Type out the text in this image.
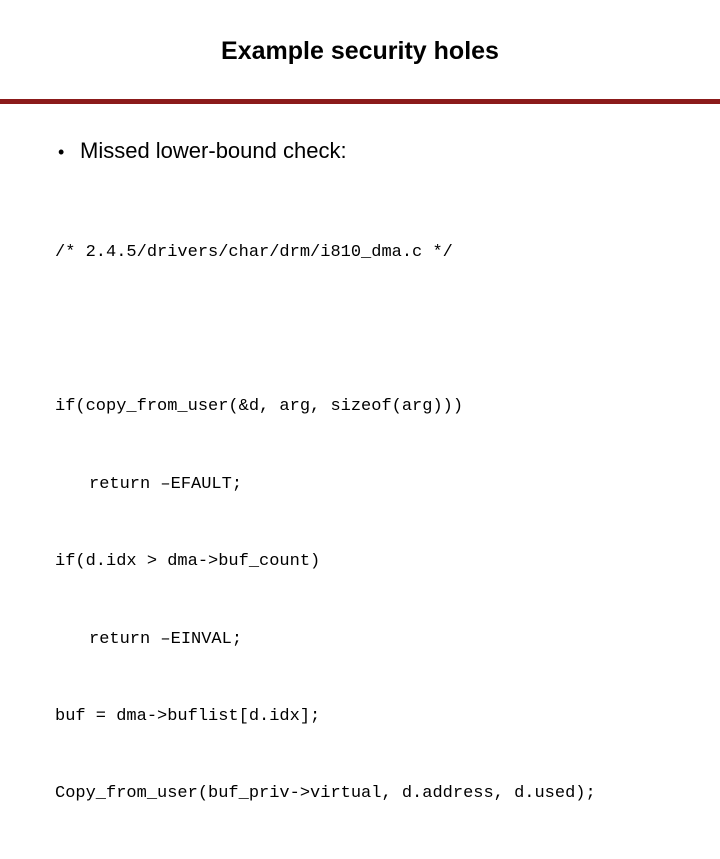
Example security holes
• Missed lower-bound check:

/* 2.4.5/drivers/char/drm/i810_dma.c */

if(copy_from_user(&d, arg, sizeof(arg)))

return –EFAULT;

if(d.idx > dma->buf_count)

return –EINVAL;

buf = dma->buflist[d.idx];

Copy_from_user(buf_priv->virtual, d.address, d.used);
